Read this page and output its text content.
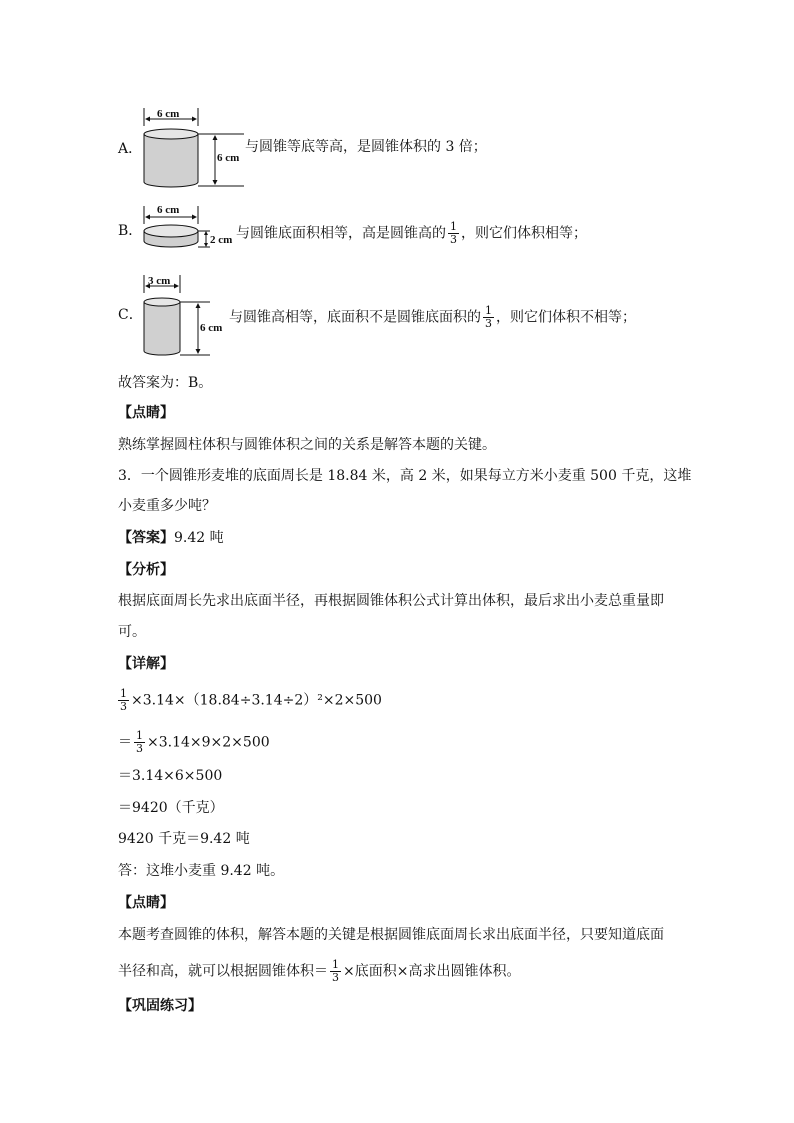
A．
6 cm
6 cm
与圆锥等底等高，是圆锥体积的 3 倍；
B．
6 cm
2 cm 与圆锥底面积相等，高是圆锥高的 $\frac{1}{3}$ ，则它们体积相等；
C．
3 cm
6 cm
与圆锥高相等，底面积不是圆锥底面积的 $\frac{1}{3}$ ，则它们体积不相等；
故答案为：B。
【点睛】
熟练掌握圆柱体积与圆锥体积之间的关系是解答本题的关键。
3．一个圆锥形麦堆的底面周长是 18.84 米，高 2 米，如果每立方米小麦重 500 千克，这堆
小麦重多少吨？
【答案】9.42 吨
【分析】
根据底面周长先求出底面半径，再根据圆锥体积公式计算出体积，最后求出小麦总重量即
可。
【详解】
$\frac{1}{3} \times 3.14\times(18.84\div 3.14\div 2)^2\times 2\times 500$
＝ $\frac{1}{3} \times 3.14\times 9\times 2\times 500$
＝3.14×6×500
＝9420（千克）
9420 千克＝9.42 吨
答：这堆小麦重 9.42 吨。
【点睛】
本题考查圆锥的体积，解答本题的关键是根据圆锥底面周长求出底面半径，只要知道底面
半径和高，就可以根据圆锥体积＝ $\frac{1}{3}$ ×底面积×高求出圆锥体积。
【巩固练习】
